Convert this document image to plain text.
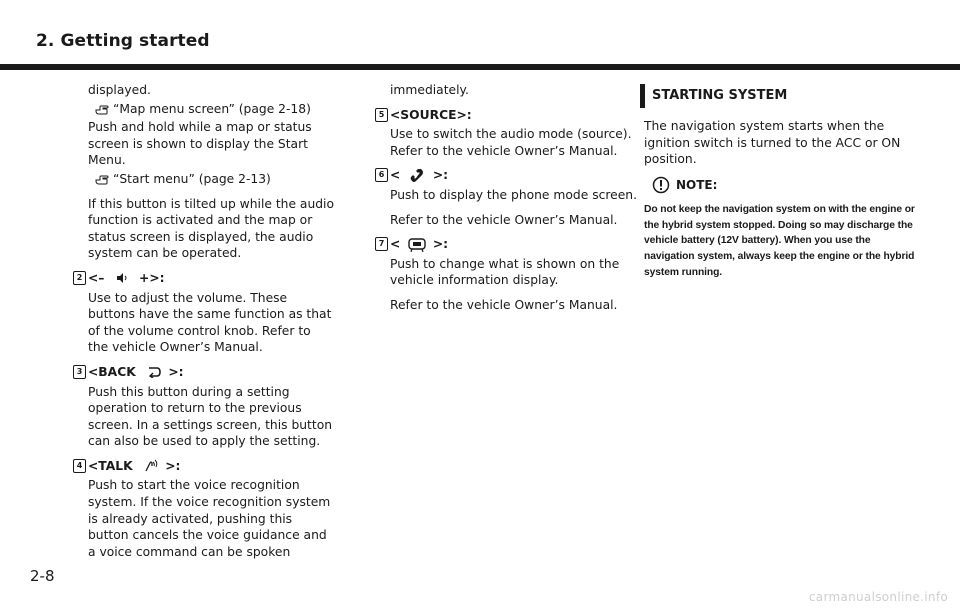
2. Getting started

displayed.

“Map menu screen” (page 2-18)

Push and hold while a map or status screen is shown to display the Start Menu.

“Start menu” (page 2-13)

If this button is tilted up while the audio function is activated and the map or status screen is displayed, the audio system can be operated.

2 <–	+>:

Use to adjust the volume. These buttons have the same function as that of the volume control knob. Refer to the vehicle Owner’s Manual.

3 <BACK	>:

Push this button during a setting operation to return to the previous screen. In a settings screen, this button can also be used to apply the setting.

4 <TALK	>:

Push to start the voice recognition system. If the voice recognition system is already activated, pushing this button cancels the voice guidance and a voice command can be spoken

immediately.

5 <SOURCE>:

Use to switch the audio mode (source). Refer to the vehicle Owner’s Manual.

6 <	>:

Push to display the phone mode screen.

Refer to the vehicle Owner’s Manual.

7 <	>:

Push to change what is shown on the vehicle information display.

Refer to the vehicle Owner’s Manual.

STARTING SYSTEM

The navigation system starts when the ignition switch is turned to the ACC or ON position.

NOTE:

Do not keep the navigation system on with the engine or the hybrid system stopped. Doing so may discharge the vehicle battery (12V battery). When you use the navigation system, always keep the engine or the hybrid system running.

2-8

carmanualsonline.info
